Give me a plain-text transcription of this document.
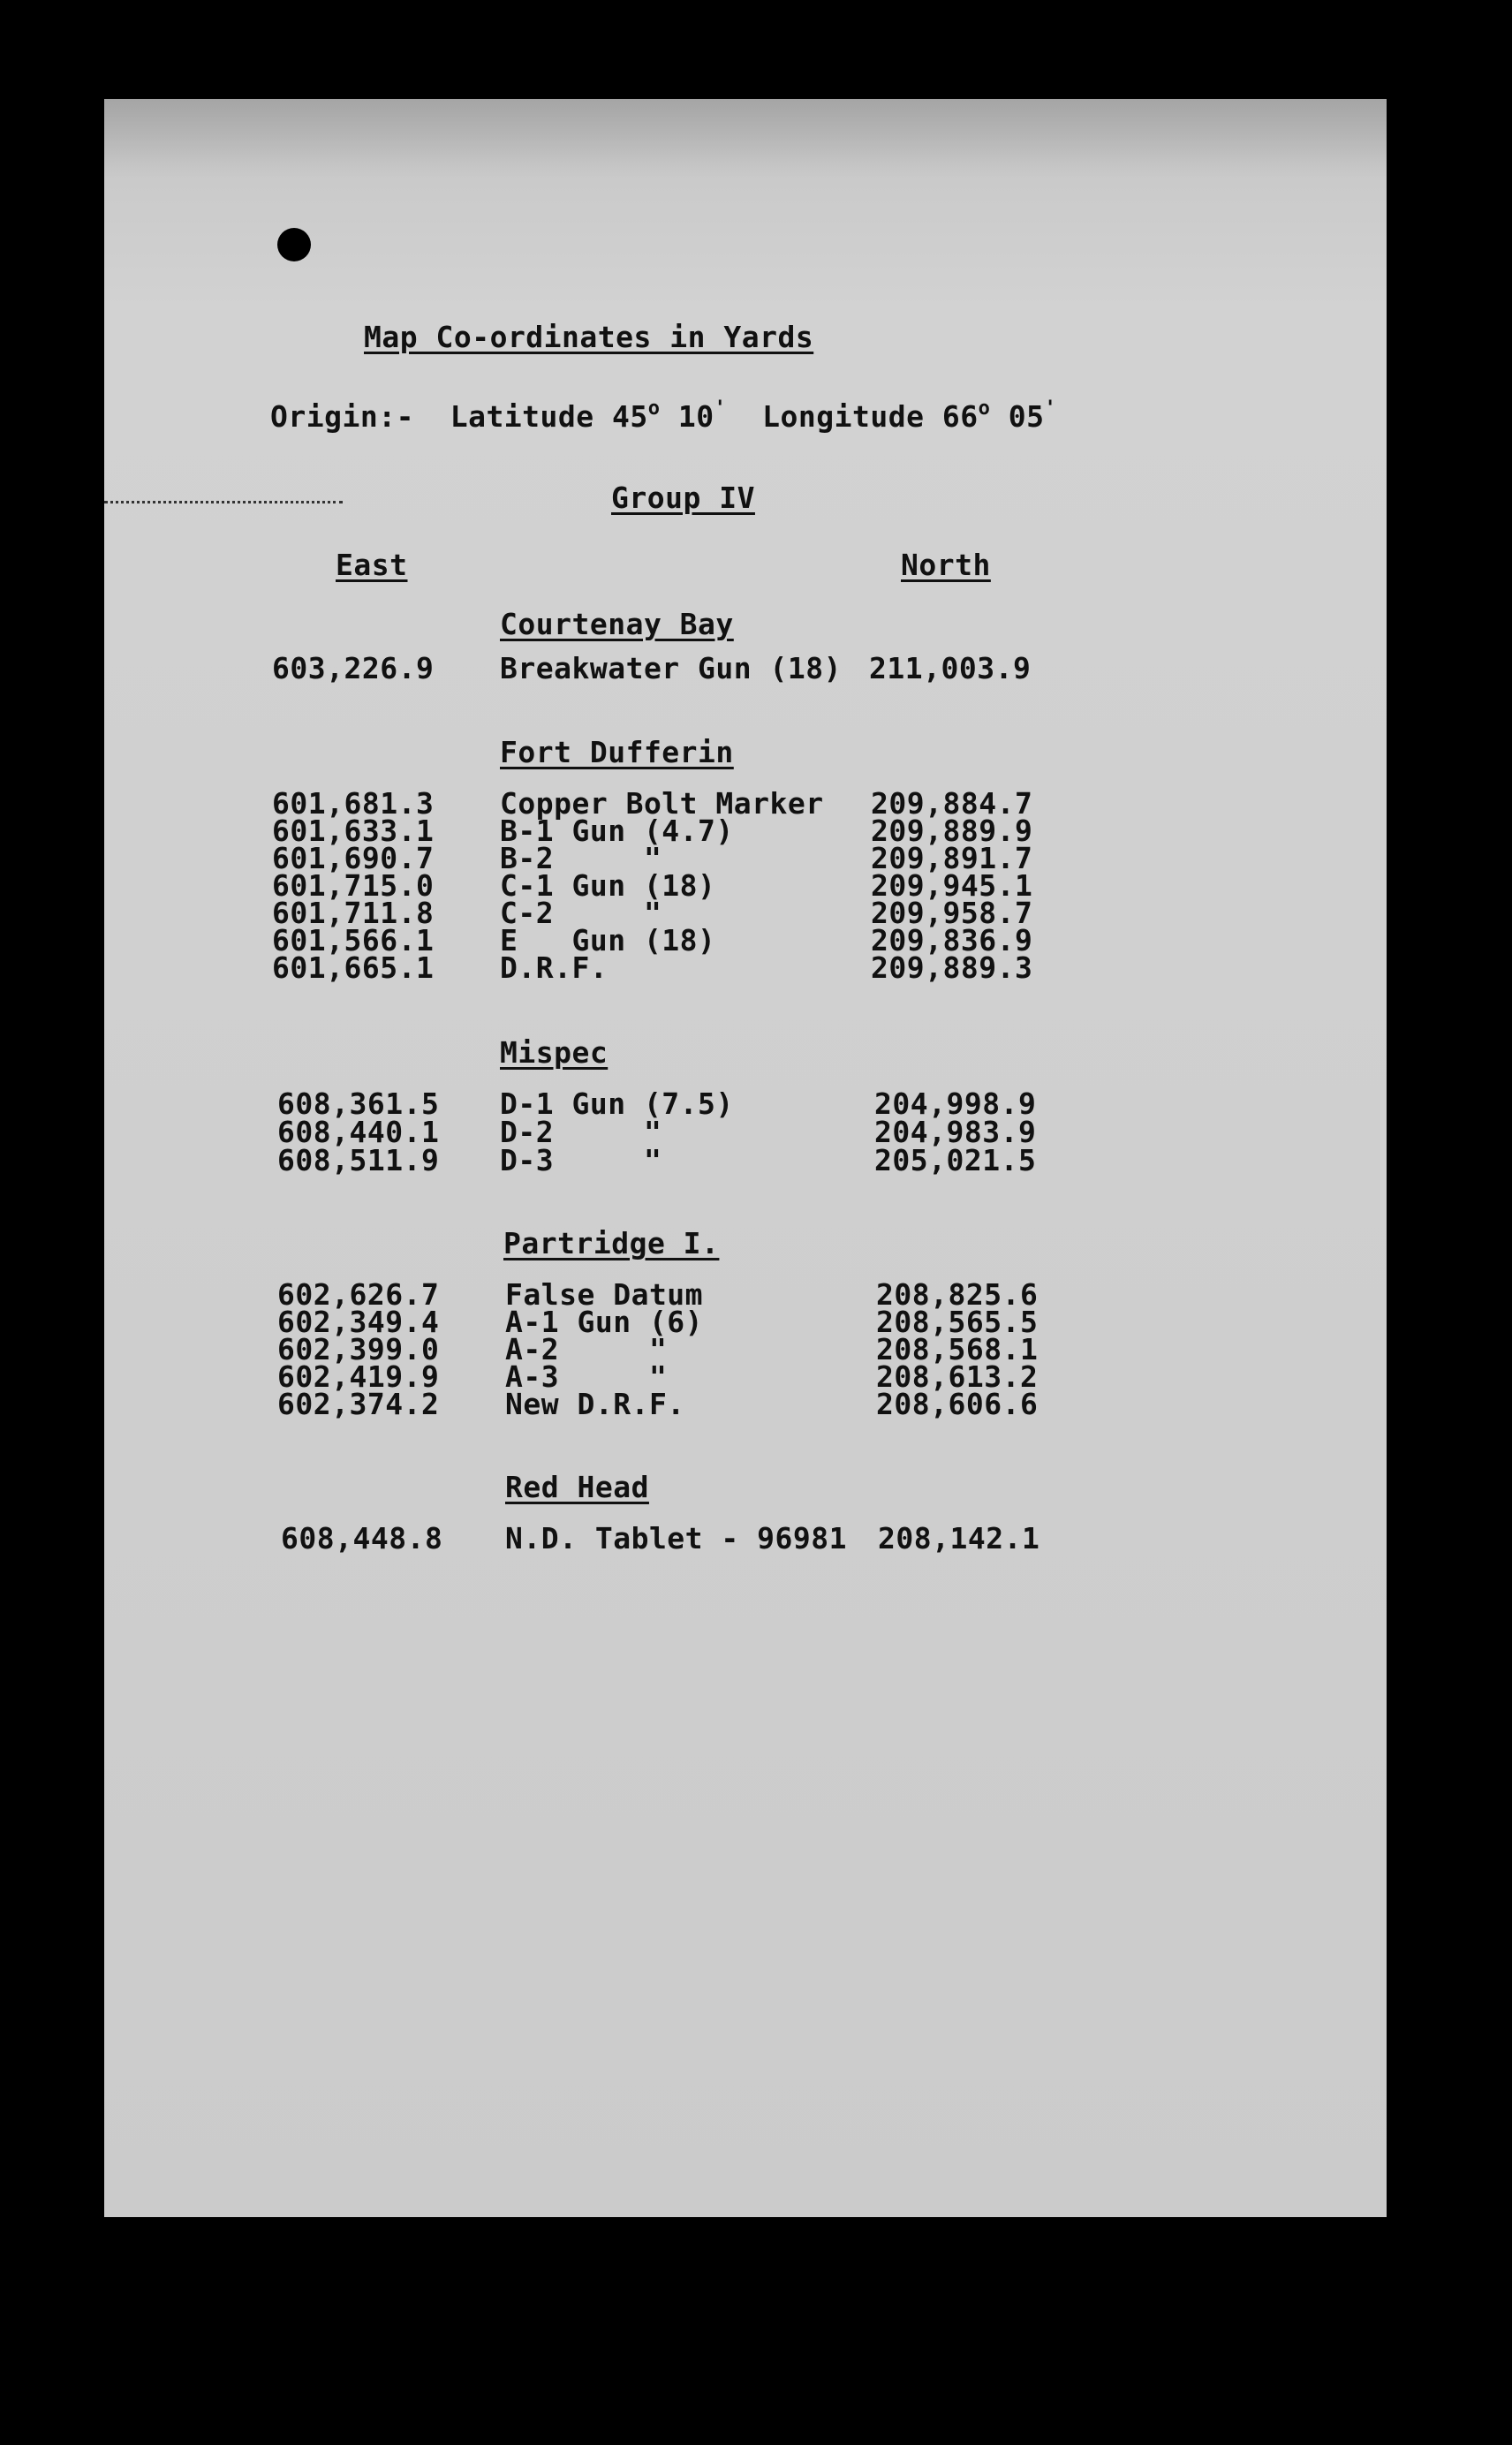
Map Co-ordinates in Yards
Origin:- Latitude 45$^o$ 10' Longitude 66$^o$ 05'
Group IV
East	North
Courtenay Bay
603,226.9 Breakwater Gun (18) 211,003.9
Fort Dufferin
601,681.3 Copper Bolt Marker 209,884.7
601,633.1 B-1 Gun (4.7)	209,889.9
601,690.7 B-2     "	209,891.7
601,715.0 C-1 Gun (18)	209,945.1
601,711.8 C-2     "	209,958.7
601,566.1 E   Gun (18)	209,836.9
601,665.1 D.R.F.	209,889.3
Mispec
608,361.5 D-1 Gun (7.5)	204,998.9
608,440.1 D-2     "	204,983.9
608,511.9 D-3     "	205,021.5
Partridge I.
602,626.7 False Datum	208,825.6
602,349.4 A-1 Gun (6)	208,565.5
602,399.0 A-2     "	208,568.1
602,419.9 A-3     "	208,613.2
602,374.2 New D.R.F.	208,606.6
Red Head
608,448.8 N.D. Tablet - 96981 208,142.1
